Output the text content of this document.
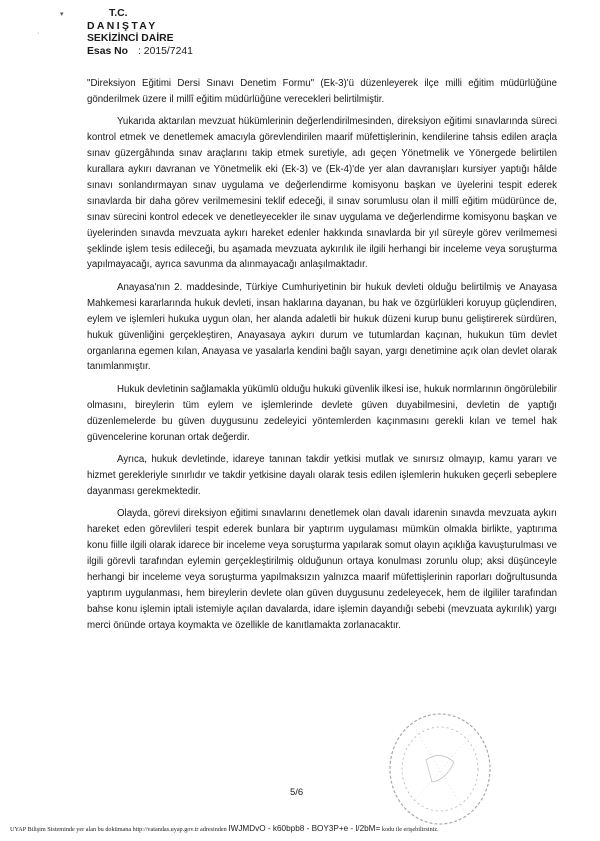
▾
·
T.C.
DANIŞTAY
SEKİZİNCİ DAİRE
Esas No : 2015/7241

"Direksiyon Eğitimi Dersi Sınavı Denetim Formu" (Ek-3)'ü düzenleyerek ilçe milli eğitim müdürlüğüne gönderilmek üzere il millî eğitim müdürlüğüne verecekleri belirtilmiştir.

Yukarıda aktarılan mevzuat hükümlerinin değerlendirilmesinden, direksiyon eğitimi sınavlarında süreci kontrol etmek ve denetlemek amacıyla görevlendirilen maarif müfettişlerinin, kendilerine tahsis edilen araçla sınav güzergâhında sınav araçlarını takip etmek suretiyle, adı geçen Yönetmelik ve Yönergede belirtilen kurallara aykırı davranan ve Yönetmelik eki (Ek-3) ve (Ek-4)'de yer alan davranışları kursiyer yaptığı hâlde sınavı sonlandırmayan sınav uygulama ve değerlendirme komisyonu başkan ve üyelerini tespit ederek sınavlarda bir daha görev verilmemesini teklif edeceği, il sınav sorumlusu olan il millî eğitim müdürünce de, sınav sürecini kontrol edecek ve denetleyecekler ile sınav uygulama ve değerlendirme komisyonu başkan ve üyelerinden sınavda mevzuata aykırı hareket edenler hakkında sınavlarda bir yıl süreyle görev verilmemesi şeklinde işlem tesis edileceği, bu aşamada mevzuata aykırılık ile ilgili herhangi bir inceleme veya soruşturma yapılmayacağı, ayrıca savunma da alınmayacağı anlaşılmaktadır.

Anayasa'nın 2. maddesinde, Türkiye Cumhuriyetinin bir hukuk devleti olduğu belirtilmiş ve Anayasa Mahkemesi kararlarında hukuk devleti, insan haklarına dayanan, bu hak ve özgürlükleri koruyup güçlendiren, eylem ve işlemleri hukuka uygun olan, her alanda adaletli bir hukuk düzeni kurup bunu geliştirerek sürdüren, hukuk güvenliğini gerçekleştiren, Anayasaya aykırı durum ve tutumlardan kaçınan, hukukun tüm devlet organlarına egemen kılan, Anayasa ve yasalarla kendini bağlı sayan, yargı denetimine açık olan devlet olarak tanımlanmıştır.

Hukuk devletinin sağlamakla yükümlü olduğu hukuki güvenlik ilkesi ise, hukuk normlarının öngörülebilir olmasını, bireylerin tüm eylem ve işlemlerinde devlete güven duyabilmesini, devletin de yaptığı düzenlemelerde bu güven duygusunu zedeleyici yöntemlerden kaçınmasını gerekli kılan ve temel hak güvencelerine korunan ortak değerdir.

Ayrıca, hukuk devletinde, idareye tanınan takdir yetkisi mutlak ve sınırsız olmayıp, kamu yararı ve hizmet gerekleriyle sınırlıdır ve takdir yetkisine dayalı olarak tesis edilen işlemlerin hukuken geçerli sebeplere dayanması gerekmektedir.

Olayda, görevi direksiyon eğitimi sınavlarını denetlemek olan davalı idarenin sınavda mevzuata aykırı hareket eden görevlileri tespit ederek bunlara bir yaptırım uygulaması mümkün olmakla birlikte, yaptırıma konu fiille ilgili olarak idarece bir inceleme veya soruşturma yapılarak somut olayın açıklığa kavuşturulması ve ilgili görevli tarafından eylemin gerçekleştirilmiş olduğunun ortaya konulması zorunlu olup; aksi düşünceyle herhangi bir inceleme veya soruşturma yapılmaksızın yalnızca maarif müfettişlerinin raporları doğrultusunda yaptırım uygulanması, hem bireylerin devlete olan güven duygusunu zedeleyecek, hem de ilgililer tarafından bahse konu işlemin iptali istemiyle açılan davalarda, idare işlemin dayandığı sebebi (mevzuata aykırılık) yargı merci önünde ortaya koymakta ve özellikle de kanıtlamakta zorlanacaktır.

5/6
UYAP Bilişim Sisteminde yer alan bu dokümana http://vatandas.uyap.gov.tr adresinden IWJMDvO - k60bpb8 - BOY3P+e - l/2bM= kodu ile erişebilirsiniz.
